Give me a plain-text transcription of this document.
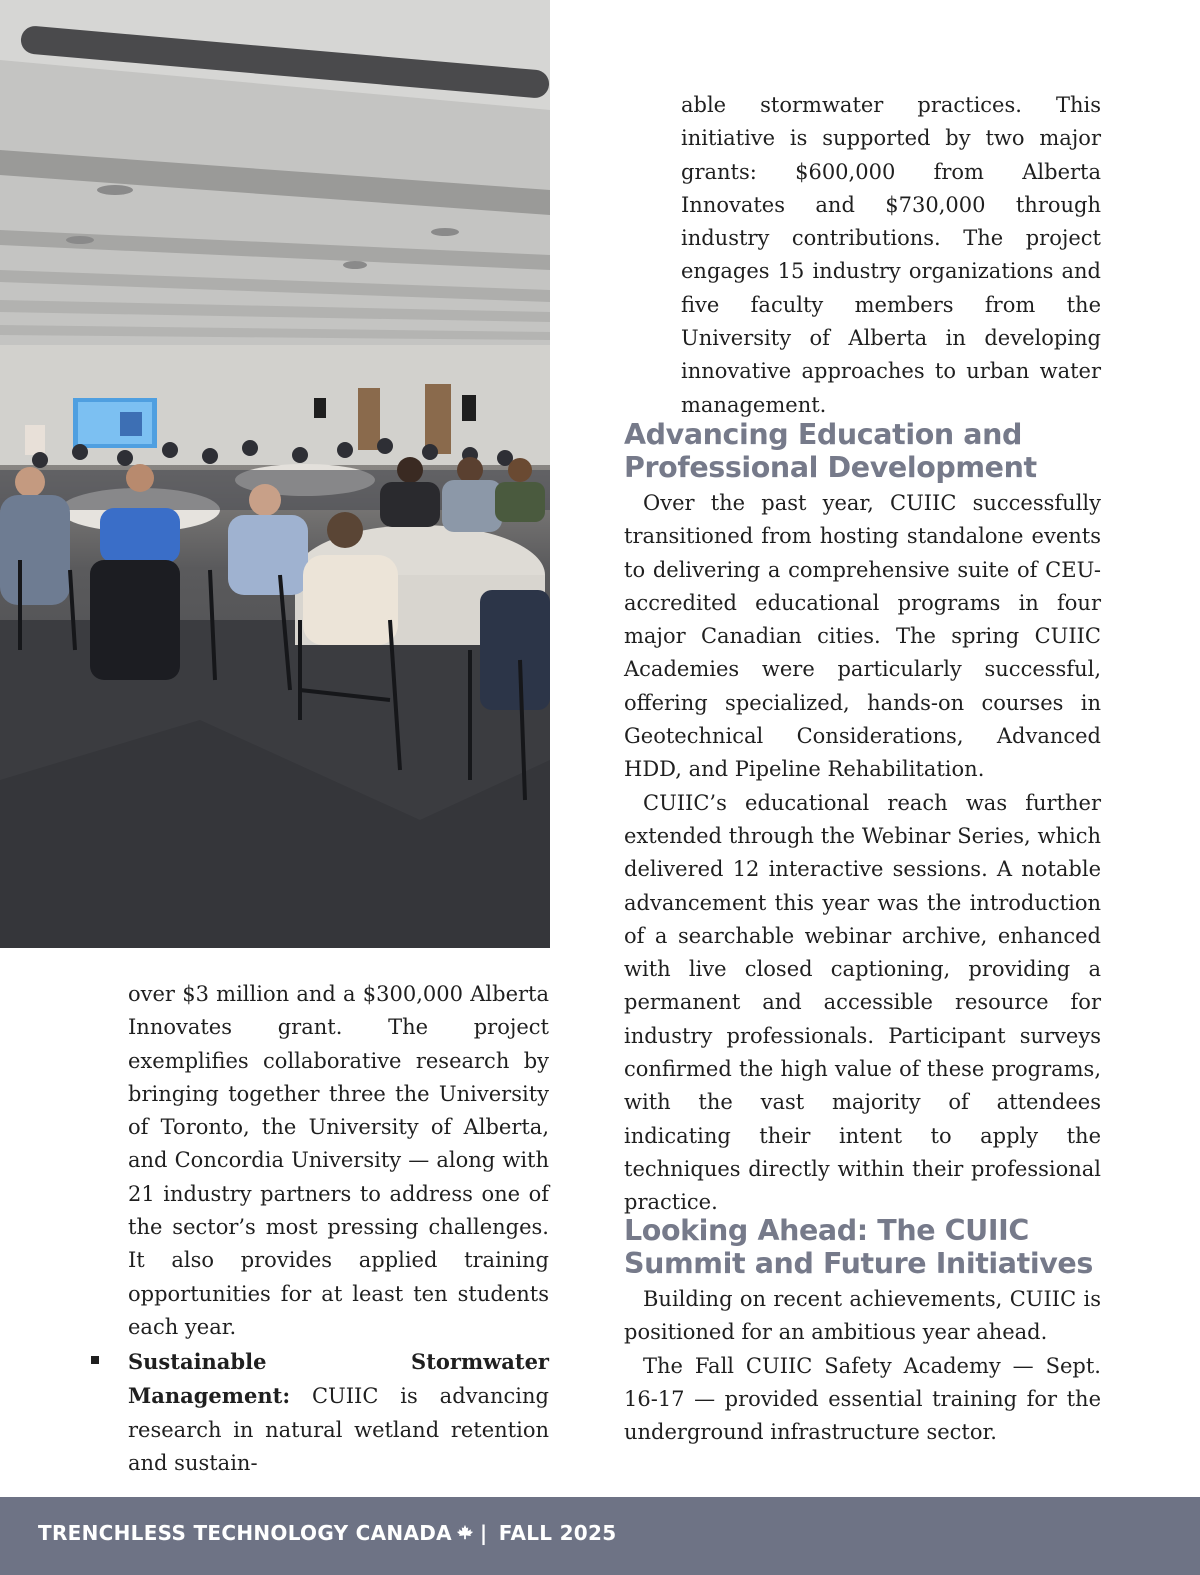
able stormwater practices. This initiative is supported by two major grants: $600,000 from Alberta Innovates and $730,000 through industry contributions. The project engages 15 industry organizations and five faculty members from the University of Alberta in developing innovative approaches to urban water management.

Advancing Education and Professional Development

Over the past year, CUIIC successfully transitioned from hosting standalone events to delivering a comprehensive suite of CEU-accredited educational programs in four major Canadian cities. The spring CUIIC Academies were particularly successful, offering specialized, hands-on courses in Geotechnical Considerations, Advanced HDD, and Pipeline Rehabilitation.

CUIIC’s educational reach was further extended through the Webinar Series, which delivered 12 interactive sessions. A notable advancement this year was the introduction of a searchable webinar archive, enhanced with live closed captioning, providing a permanent and accessible resource for industry professionals. Participant surveys confirmed the high value of these programs, with the vast majority of attendees indicating their intent to apply the techniques directly within their professional practice.

Looking Ahead: The CUIIC Summit and Future Initiatives

Building on recent achievements, CUIIC is positioned for an ambitious year ahead.

The Fall CUIIC Safety Academy — Sept. 16-17 — provided essential training for the underground infrastructure sector.

over $3 million and a $300,000 Alberta Innovates grant. The project exemplifies collaborative research by bringing together three the University of Toronto, the University of Alberta, and Concordia University — along with 21 industry partners to address one of the sector’s most pressing challenges. It also provides applied training opportunities for at least ten students each year.

Sustainable Stormwater Management: CUIIC is advancing research in natural wetland retention and sustain-
TRENCHLESS TECHNOLOGY CANADA | FALL 2025
